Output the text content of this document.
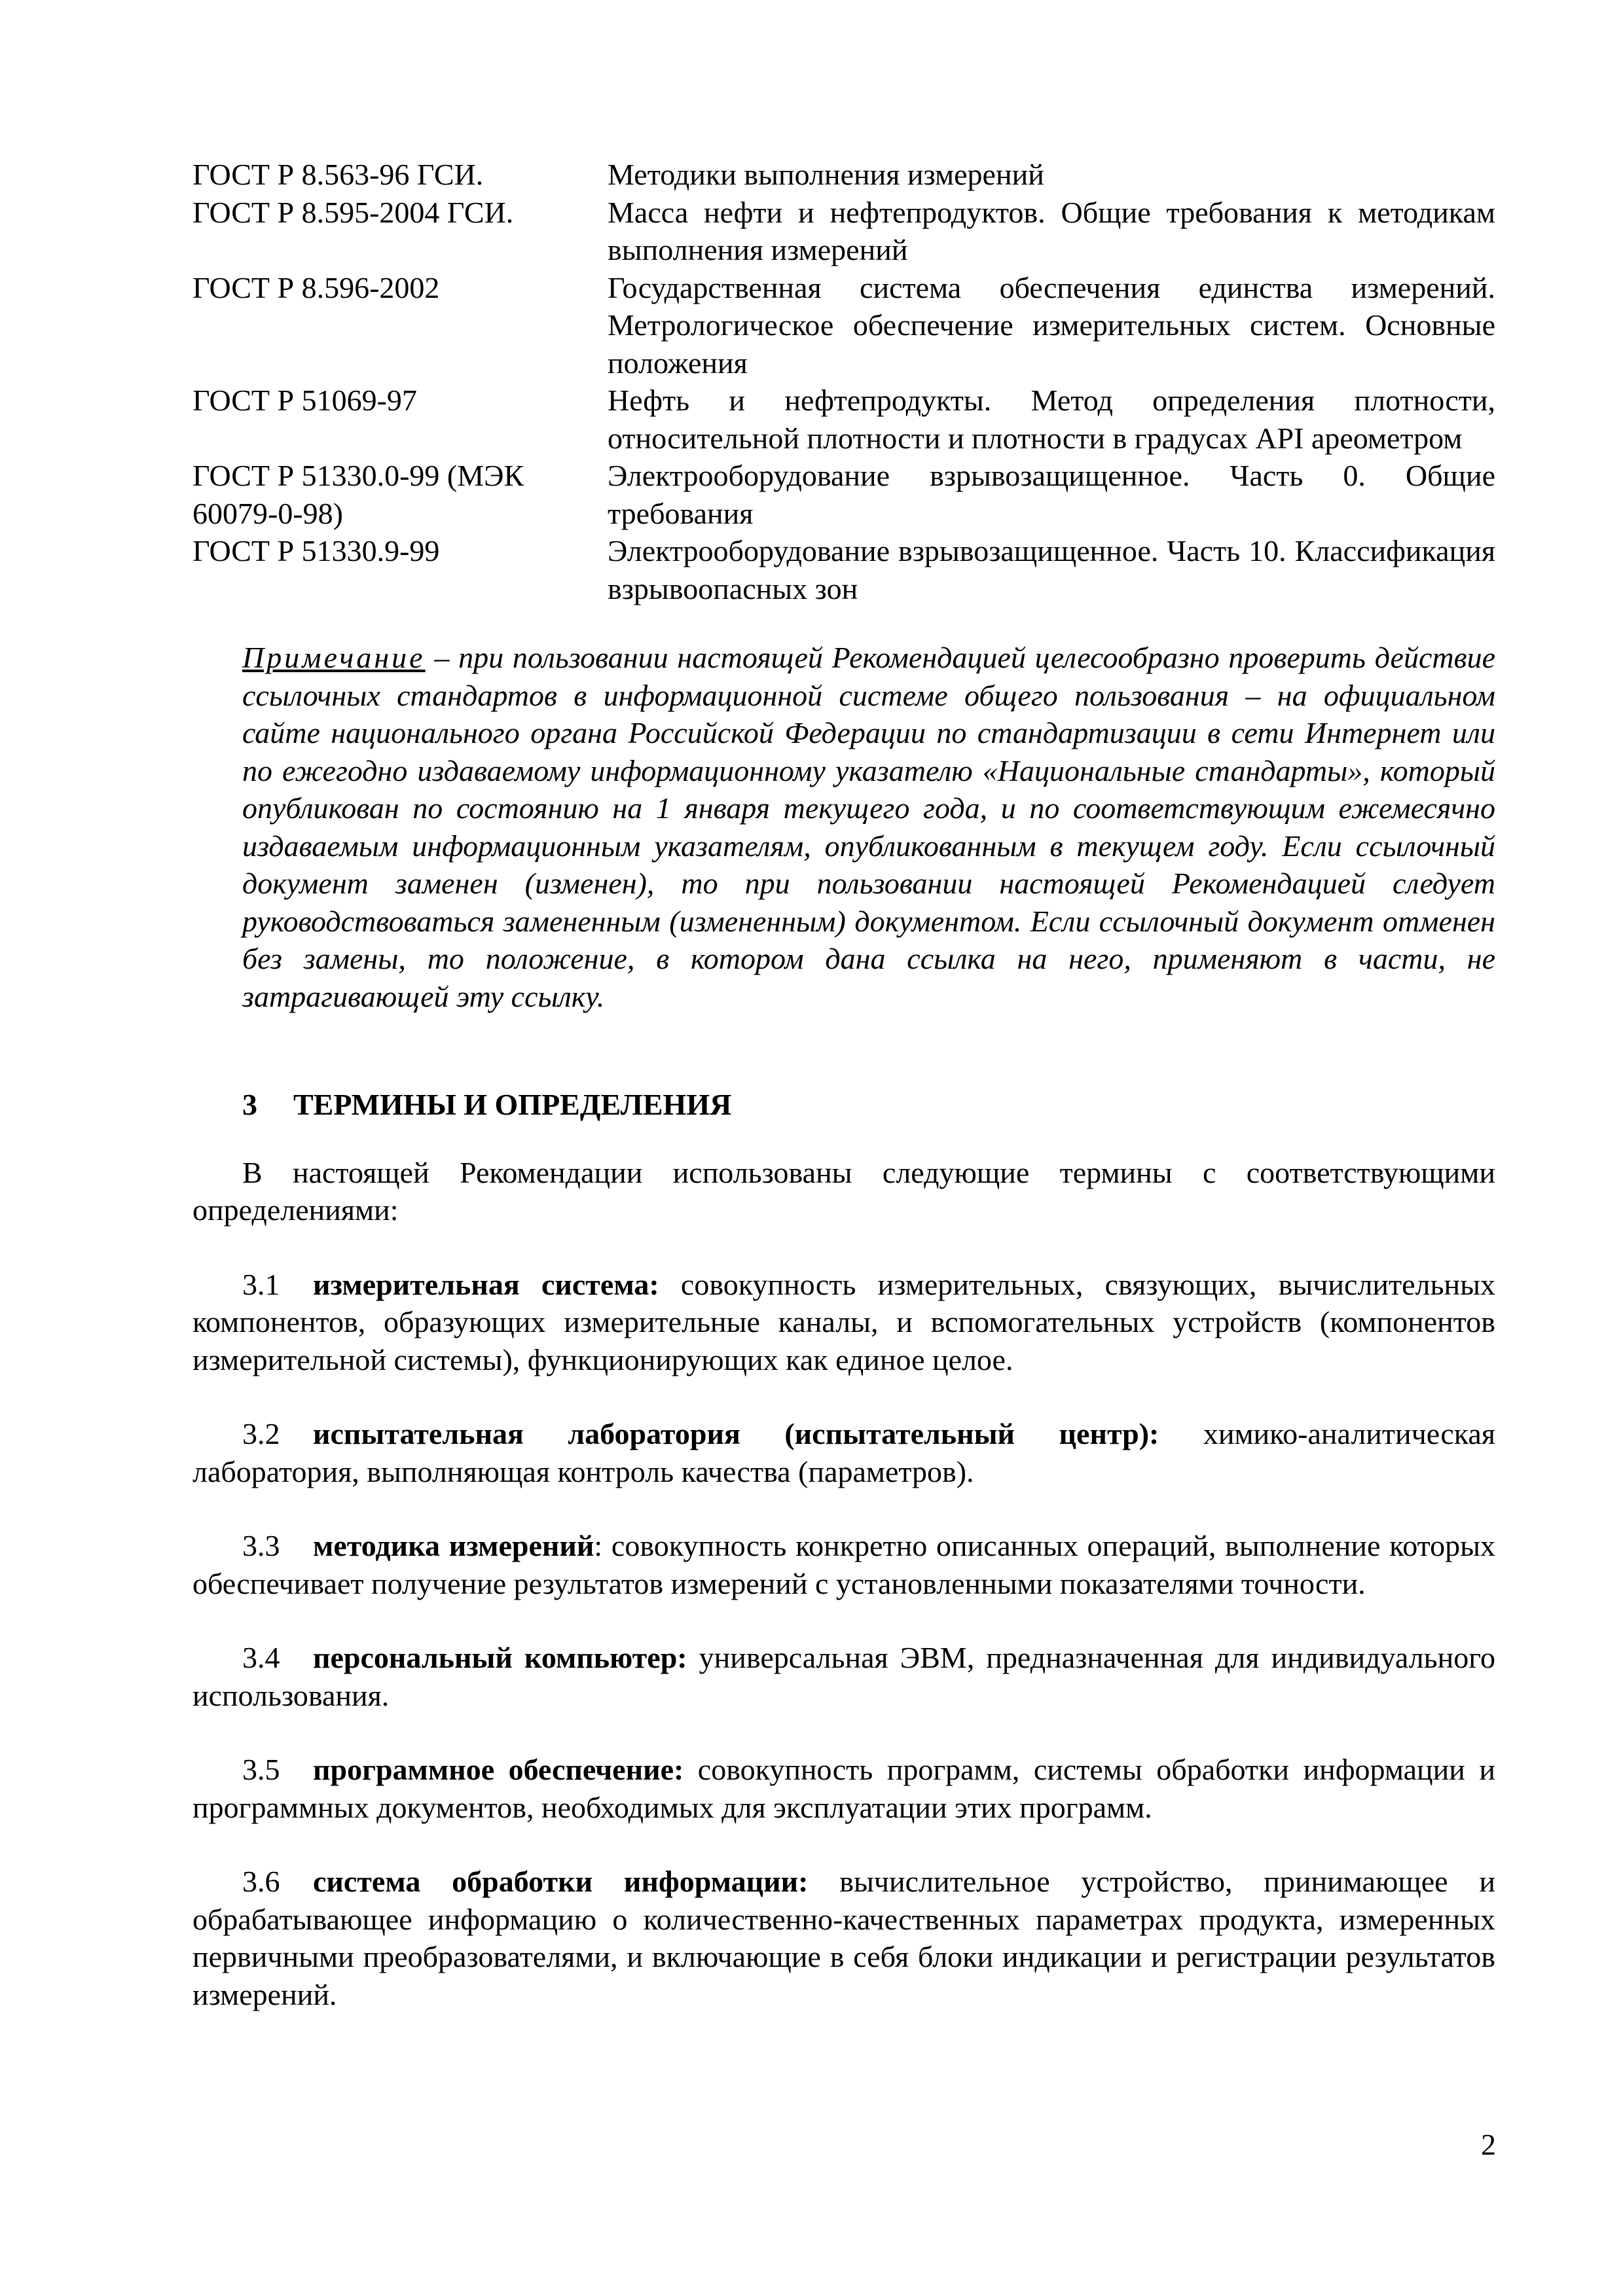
ГОСТ Р 8.563-96 ГСИ.	Методики выполнения измерений
ГОСТ Р 8.595-2004 ГСИ.	Масса нефти и нефтепродуктов. Общие требования к методикам выполнения измерений
ГОСТ Р 8.596-2002	Государственная система обеспечения единства измерений. Метрологическое обеспечение измерительных систем. Основные положения
ГОСТ Р 51069-97	Нефть и нефтепродукты. Метод определения плотности, относительной плотности и плотности в градусах API ареометром
ГОСТ Р 51330.0-99 (МЭК 60079-0-98)	Электрооборудование взрывозащищенное. Часть 0. Общие требования
ГОСТ Р 51330.9-99	Электрооборудование взрывозащищенное. Часть 10. Классификация взрывоопасных зон

Примечание – при пользовании настоящей Рекомендацией целесообразно проверить действие ссылочных стандартов в информационной системе общего пользования – на официальном сайте национального органа Российской Федерации по стандартизации в сети Интернет или по ежегодно издаваемому информационному указателю «Национальные стандарты», который опубликован по состоянию на 1 января текущего года, и по соответствующим ежемесячно издаваемым информационным указателям, опубликованным в текущем году. Если ссылочный документ заменен (изменен), то при пользовании настоящей Рекомендацией следует руководствоваться замененным (измененным) документом. Если ссылочный документ отменен без замены, то положение, в котором дана ссылка на него, применяют в части, не затрагивающей эту ссылку.

3 ТЕРМИНЫ И ОПРЕДЕЛЕНИЯ

В настоящей Рекомендации использованы следующие термины с соответствующими определениями:

3.1 измерительная система: совокупность измерительных, связующих, вычислительных компонентов, образующих измерительные каналы, и вспомогательных устройств (компонентов измерительной системы), функционирующих как единое целое.

3.2 испытательная лаборатория (испытательный центр): химико-аналитическая лаборатория, выполняющая контроль качества (параметров).

3.3 методика измерений: совокупность конкретно описанных операций, выполнение которых обеспечивает получение результатов измерений с установленными показателями точности.

3.4 персональный компьютер: универсальная ЭВМ, предназначенная для индивидуального использования.

3.5 программное обеспечение: совокупность программ, системы обработки информации и программных документов, необходимых для эксплуатации этих программ.

3.6 система обработки информации: вычислительное устройство, принимающее и обрабатывающее информацию о количественно-качественных параметрах продукта, измеренных первичными преобразователями, и включающие в себя блоки индикации и регистрации результатов измерений.

2
